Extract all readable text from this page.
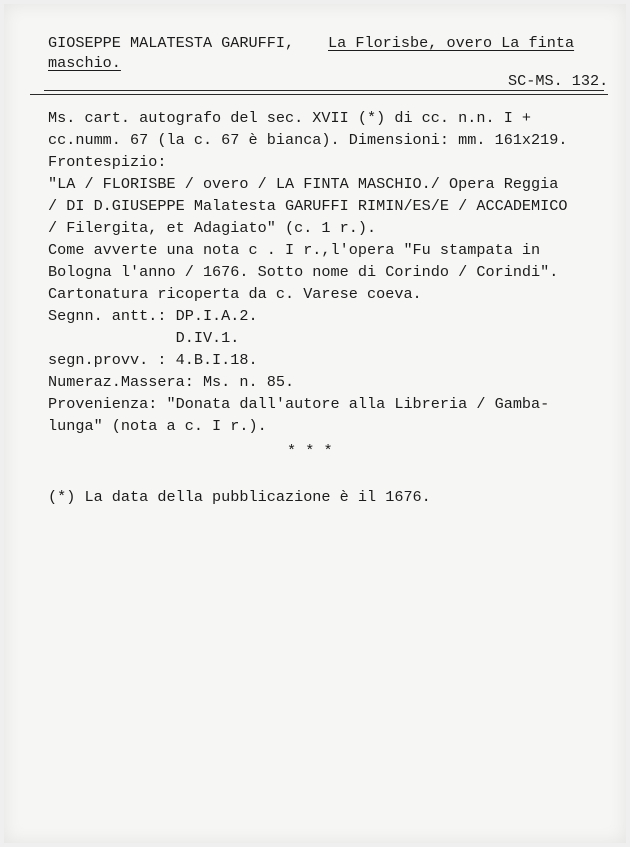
GIOSEPPE MALATESTA GARUFFI, La Florisbe, overo La finta
maschio.
SC-MS. 132.
Ms. cart. autografo del sec. XVII (*) di cc. n.n. I +
cc.numm. 67 (la c. 67 è bianca). Dimensioni: mm. 161x219.
Frontespizio:
"LA / FLORISBE / overo / LA FINTA MASCHIO./ Opera Reggia
/ DI D.GIUSEPPE Malatesta GARUFFI RIMIN/ES/E / ACCADEMICO
/ Filergita, et Adagiato" (c. 1 r.).
Come avverte una nota c . I r.,l'opera "Fu stampata in
Bologna l'anno / 1676. Sotto nome di Corindo / Corindi".
Cartonatura ricoperta da c. Varese coeva.
Segnn. antt.: DP.I.A.2.
D.IV.1.
segn.provv. : 4.B.I.18.
Numeraz.Massera: Ms. n. 85.
Provenienza: "Donata dall'autore alla Libreria / Gamba-
lunga" (nota a c. I r.).
* * *
(*) La data della pubblicazione è il 1676.
